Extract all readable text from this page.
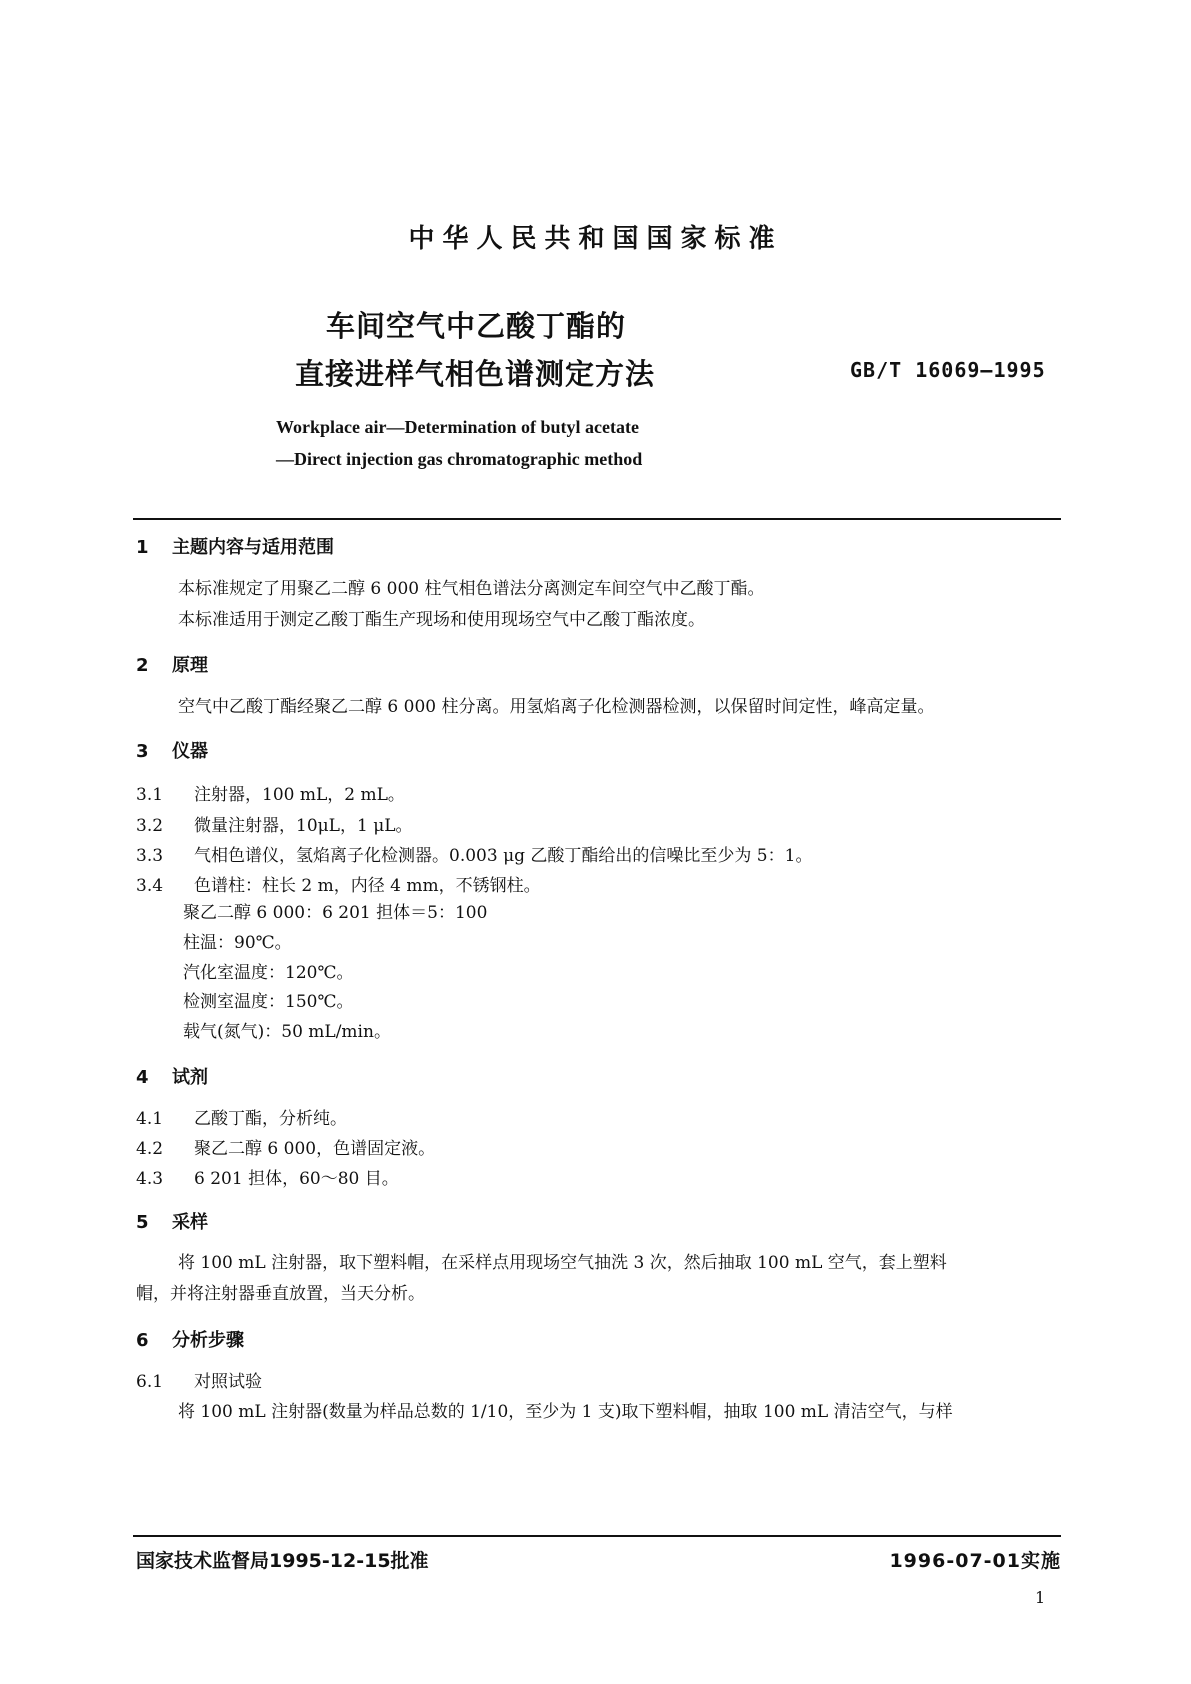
中华人民共和国国家标准
车间空气中乙酸丁酯的
直接进样气相色谱测定方法	GB/T 16069—1995
Workplace air—Determination of butyl acetate
—Direct injection gas chromatographic method
1 主题内容与适用范围
本标准规定了用聚乙二醇 6 000 柱气相色谱法分离测定车间空气中乙酸丁酯。
本标准适用于测定乙酸丁酯生产现场和使用现场空气中乙酸丁酯浓度。
2 原理
空气中乙酸丁酯经聚乙二醇 6 000 柱分离。用氢焰离子化检测器检测，以保留时间定性，峰高定量。
3 仪器
3.1 注射器，100 mL，2 mL。
3.2 微量注射器，10μL，1 μL。
3.3 气相色谱仪，氢焰离子化检测器。0.003 μg 乙酸丁酯给出的信噪比至少为 5：1。
3.4 色谱柱：柱长 2 m，内径 4 mm，不锈钢柱。
聚乙二醇 6 000：6 201 担体＝5：100
柱温：90℃。
汽化室温度：120℃。
检测室温度：150℃。
载气(氮气)：50 mL/min。
4 试剂
4.1 乙酸丁酯，分析纯。
4.2 聚乙二醇 6 000，色谱固定液。
4.3 6 201 担体，60～80 目。
5 采样
将 100 mL 注射器，取下塑料帽，在采样点用现场空气抽洗 3 次，然后抽取 100 mL 空气，套上塑料
帽，并将注射器垂直放置，当天分析。
6 分析步骤
6.1 对照试验
将 100 mL 注射器(数量为样品总数的 1/10，至少为 1 支)取下塑料帽，抽取 100 mL 清洁空气，与样
国家技术监督局1995-12-15批准	1996-07-01实施
1
